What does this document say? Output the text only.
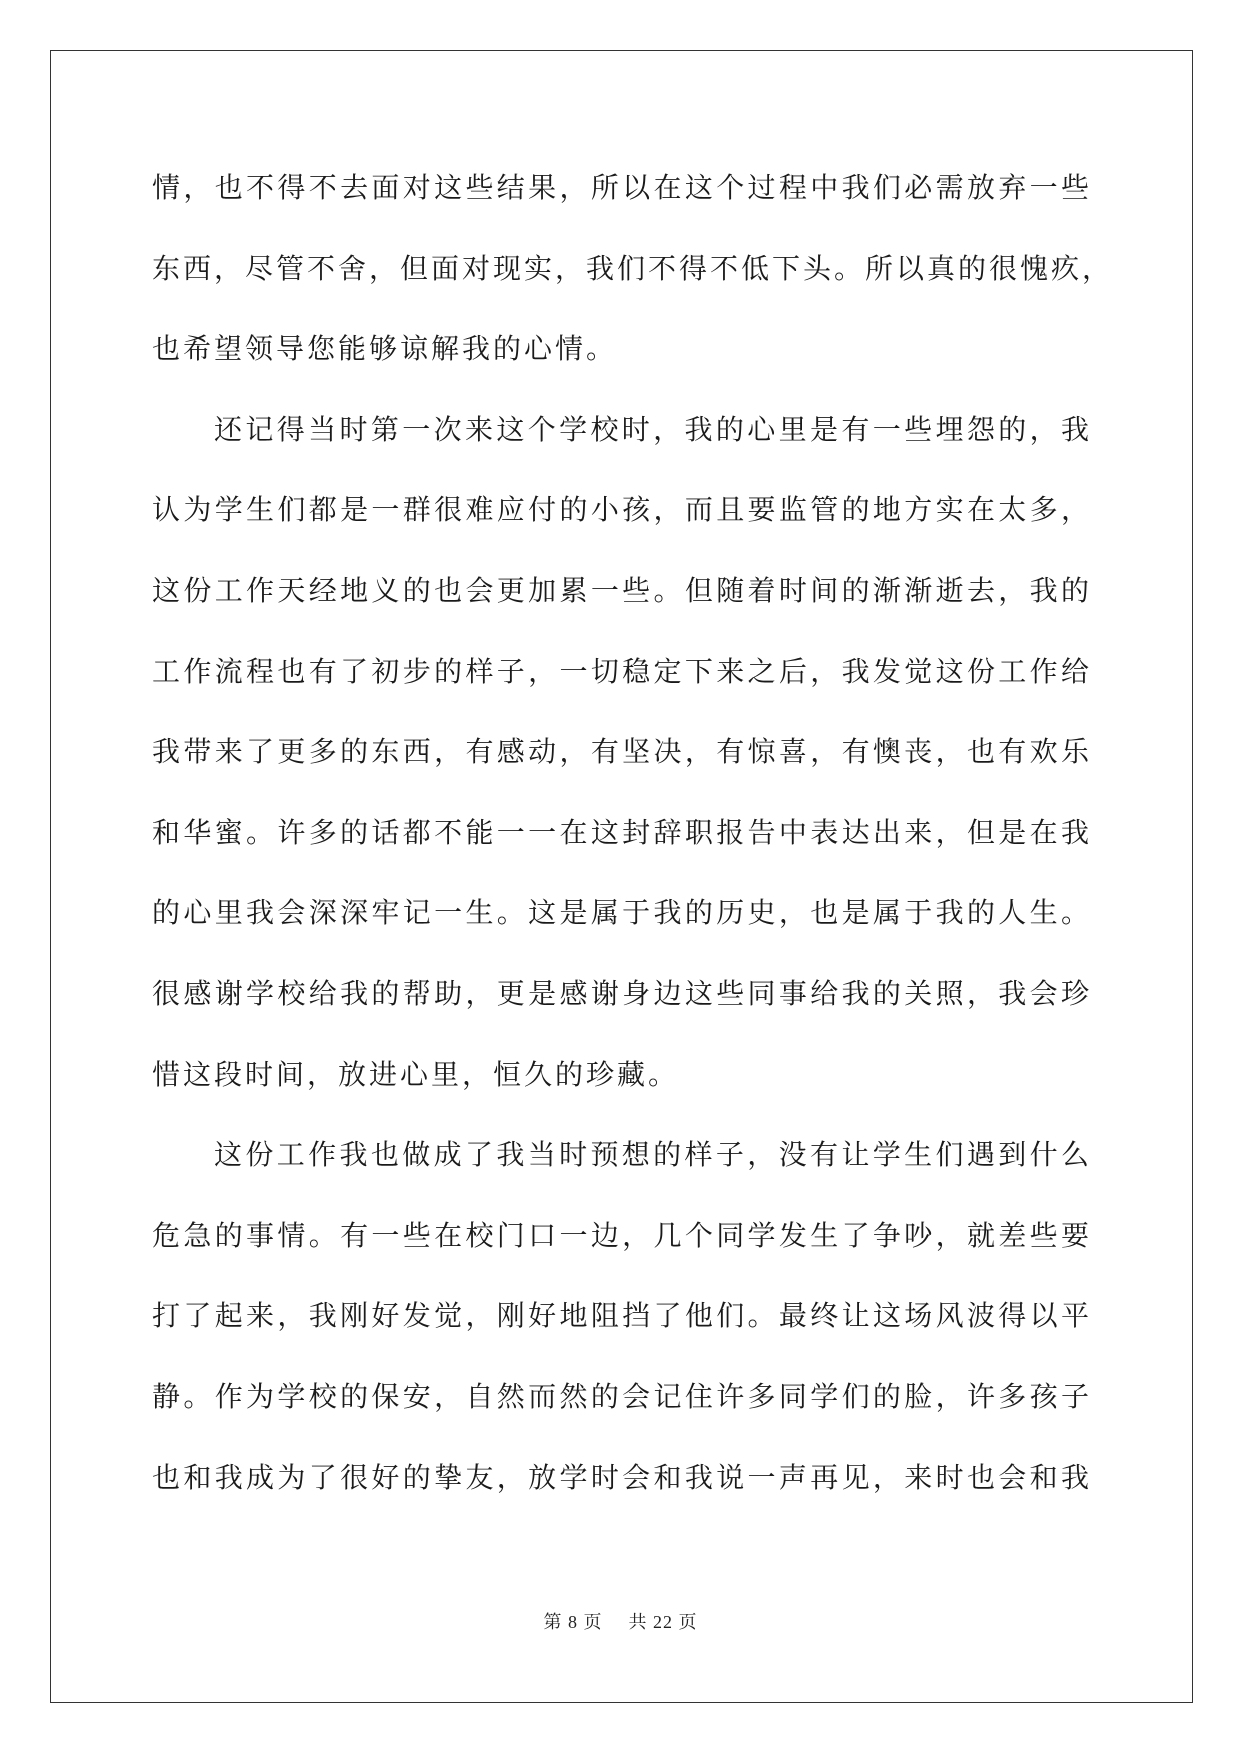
情，也不得不去面对这些结果，所以在这个过程中我们必需放弃一些
东西，尽管不舍，但面对现实，我们不得不低下头。所以真的很愧疚，
也希望领导您能够谅解我的心情。
还记得当时第一次来这个学校时，我的心里是有一些埋怨的，我
认为学生们都是一群很难应付的小孩，而且要监管的地方实在太多，
这份工作天经地义的也会更加累一些。但随着时间的渐渐逝去，我的
工作流程也有了初步的样子，一切稳定下来之后，我发觉这份工作给
我带来了更多的东西，有感动，有坚决，有惊喜，有懊丧，也有欢乐
和华蜜。许多的话都不能一一在这封辞职报告中表达出来，但是在我
的心里我会深深牢记一生。这是属于我的历史，也是属于我的人生。
很感谢学校给我的帮助，更是感谢身边这些同事给我的关照，我会珍
惜这段时间，放进心里，恒久的珍藏。
这份工作我也做成了我当时预想的样子，没有让学生们遇到什么
危急的事情。有一些在校门口一边，几个同学发生了争吵，就差些要
打了起来，我刚好发觉，刚好地阻挡了他们。最终让这场风波得以平
静。作为学校的保安，自然而然的会记住许多同学们的脸，许多孩子
也和我成为了很好的挚友，放学时会和我说一声再见，来时也会和我
第 8 页 共 22 页
